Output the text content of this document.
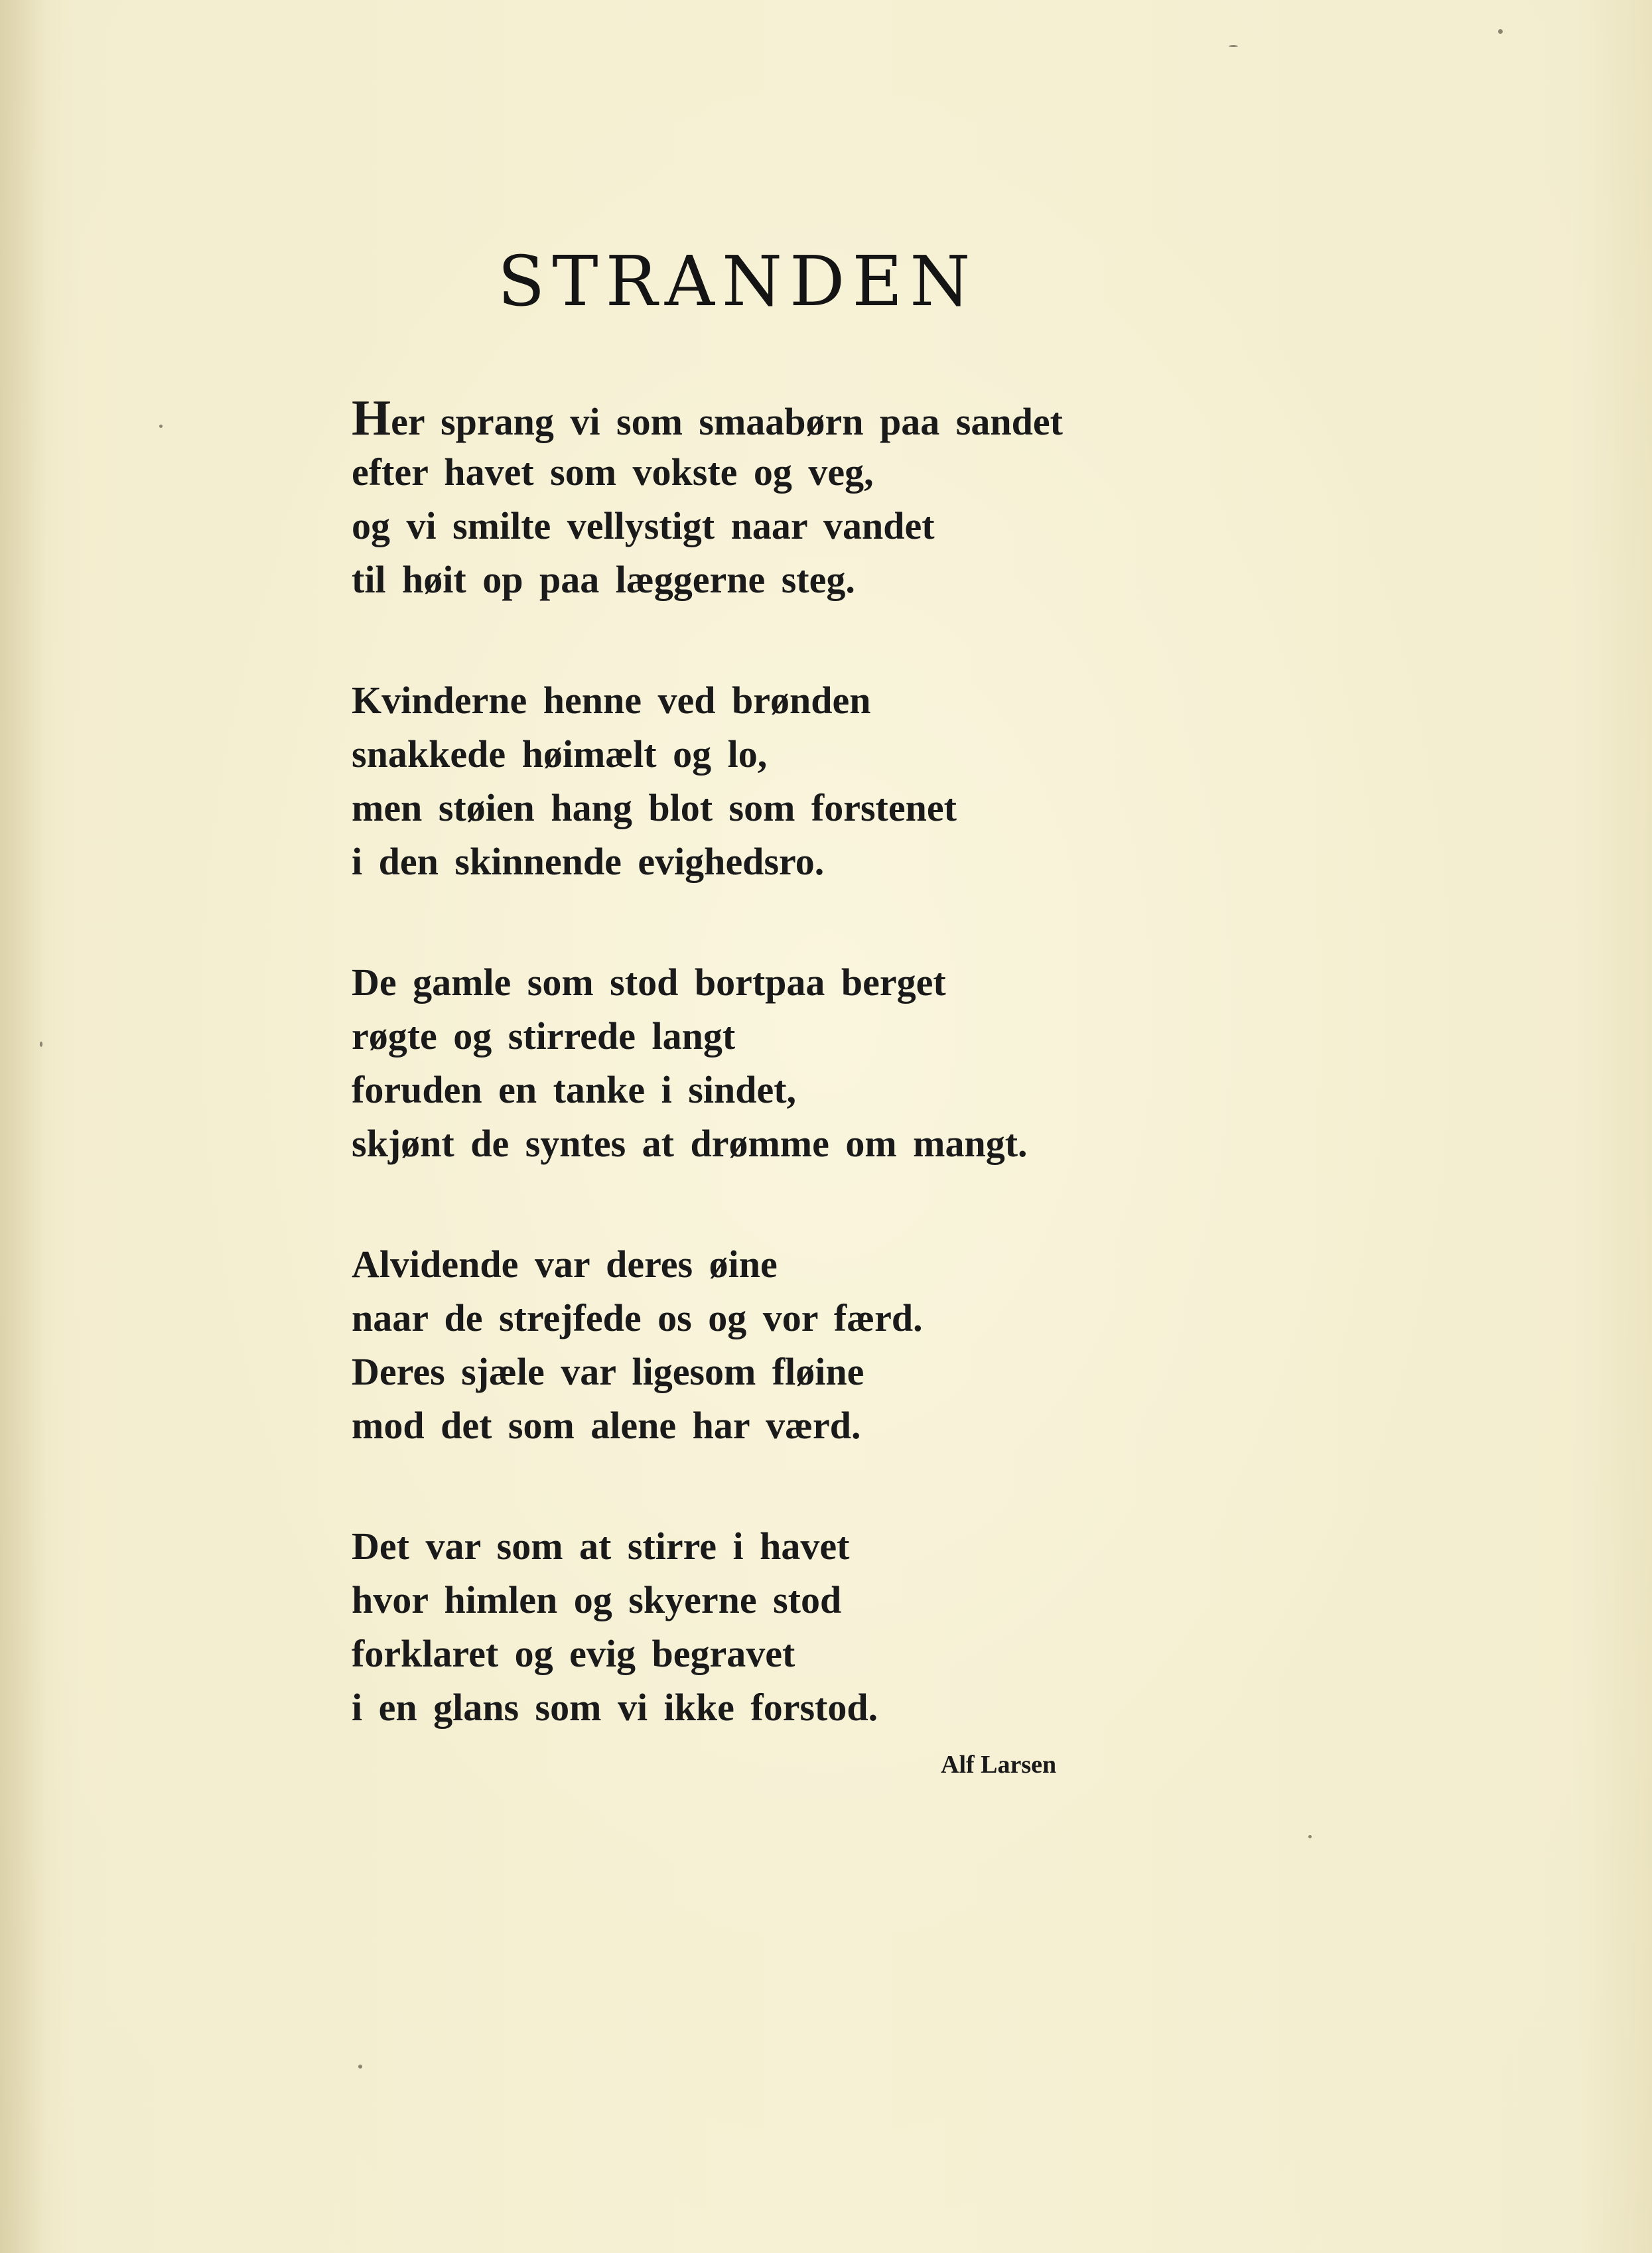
STRANDEN
Her sprang vi som smaabørn paa sandet
efter havet som vokste og veg,
og vi smilte vellystigt naar vandet
til høit op paa læggerne steg.
Kvinderne henne ved brønden
snakkede høimælt og lo,
men støien hang blot som forstenet
i den skinnende evighedsro.
De gamle som stod bortpaa berget
røgte og stirrede langt
foruden en tanke i sindet,
skjønt de syntes at drømme om mangt.
Alvidende var deres øine
naar de strejfede os og vor færd.
Deres sjæle var ligesom fløine
mod det som alene har værd.
Det var som at stirre i havet
hvor himlen og skyerne stod
forklaret og evig begravet
i en glans som vi ikke forstod.
Alf Larsen
